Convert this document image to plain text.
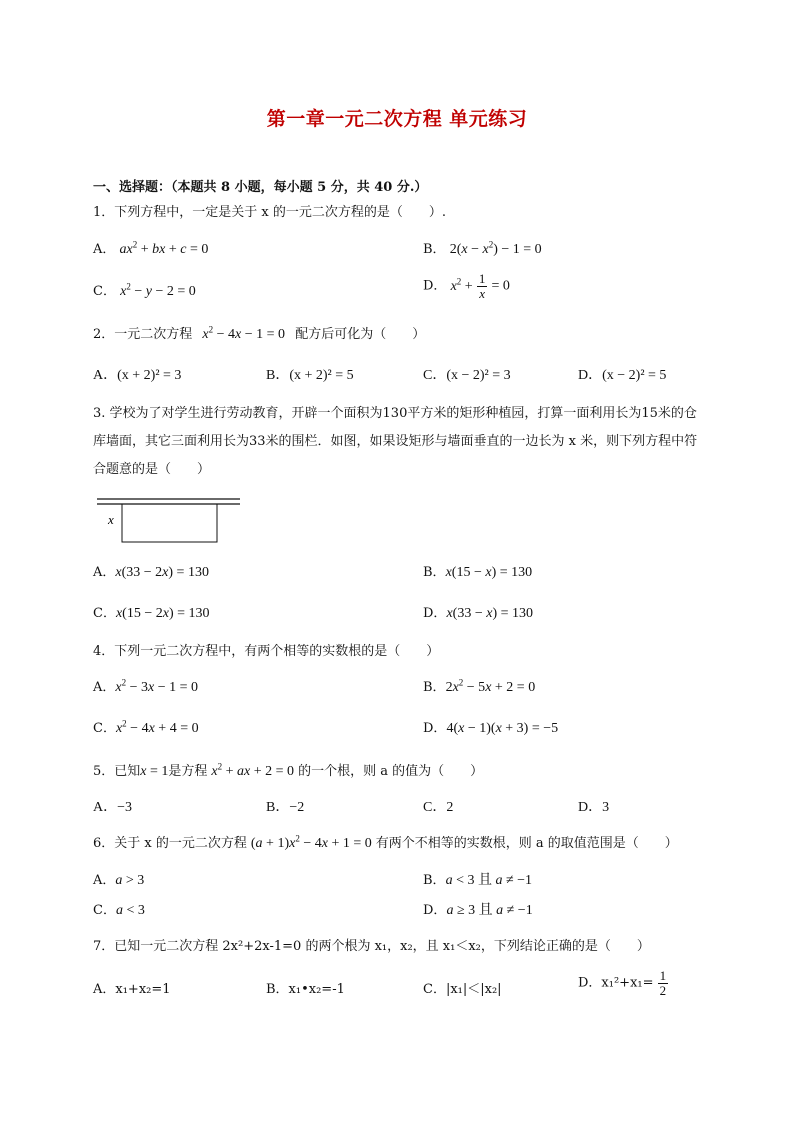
第一章一元二次方程 单元练习
一、选择题：（本题共 8 小题，每小题 5 分，共 40 分.）
1．下列方程中，一定是关于 x 的一元二次方程的是（　　）.
A． $ax^2$ + bx + c = 0	B． $2(x - x^2) - 1 = 0$
C． $x^2 - y - 2 = 0$	D． $x^2 + \frac{1}{x} = 0$
2．一元二次方程 $x^2 - 4x - 1 = 0$ 配方后可化为（　　）
A．(x + 2)² = 3	B．(x + 2)² = 5	C．(x − 2)² = 3	D．(x − 2)² = 5
3. 学校为了对学生进行劳动教育，开辟一个面积为130平方米的矩形种植园，打算一面利用长为15米的仓库墙面，其它三面利用长为33米的围栏．如图，如果设矩形与墙面垂直的一边长为 x 米，则下列方程中符合题意的是（　　）
x
A．x(33 − 2x) = 130	B．x(15 − x) = 130
C．x(15 − 2x) = 130	D．x(33 − x) = 130
4．下列一元二次方程中，有两个相等的实数根的是（　　）
A．$x^2 - 3x - 1 = 0$	B．$2x^2 - 5x + 2 = 0$
C．$x^2 - 4x + 4 = 0$	D．4(x − 1)(x + 3) = −5
5．已知x = 1是方程 $x^2$ + ax + 2 = 0 的一个根，则 a 的值为（　　）
A．−3	B．−2	C．2	D．3
6．关于 x 的一元二次方程 $(a + 1)x^2 - 4x + 1 = 0$ 有两个不相等的实数根，则 a 的取值范围是（　　）
A．a > 3	B．a < 3 且 a ≠ −1
C．a < 3	D．a ≥ 3 且 a ≠ −1
7．已知一元二次方程 2x²+2x-1=0 的两个根为 x₁，x₂，且 x₁＜x₂，下列结论正确的是（　　）
A．x₁+x₂=1	B．x₁•x₂=-1	C．|x₁|＜|x₂|	D．$x_1^2+x_1= \frac{1}{2}$
